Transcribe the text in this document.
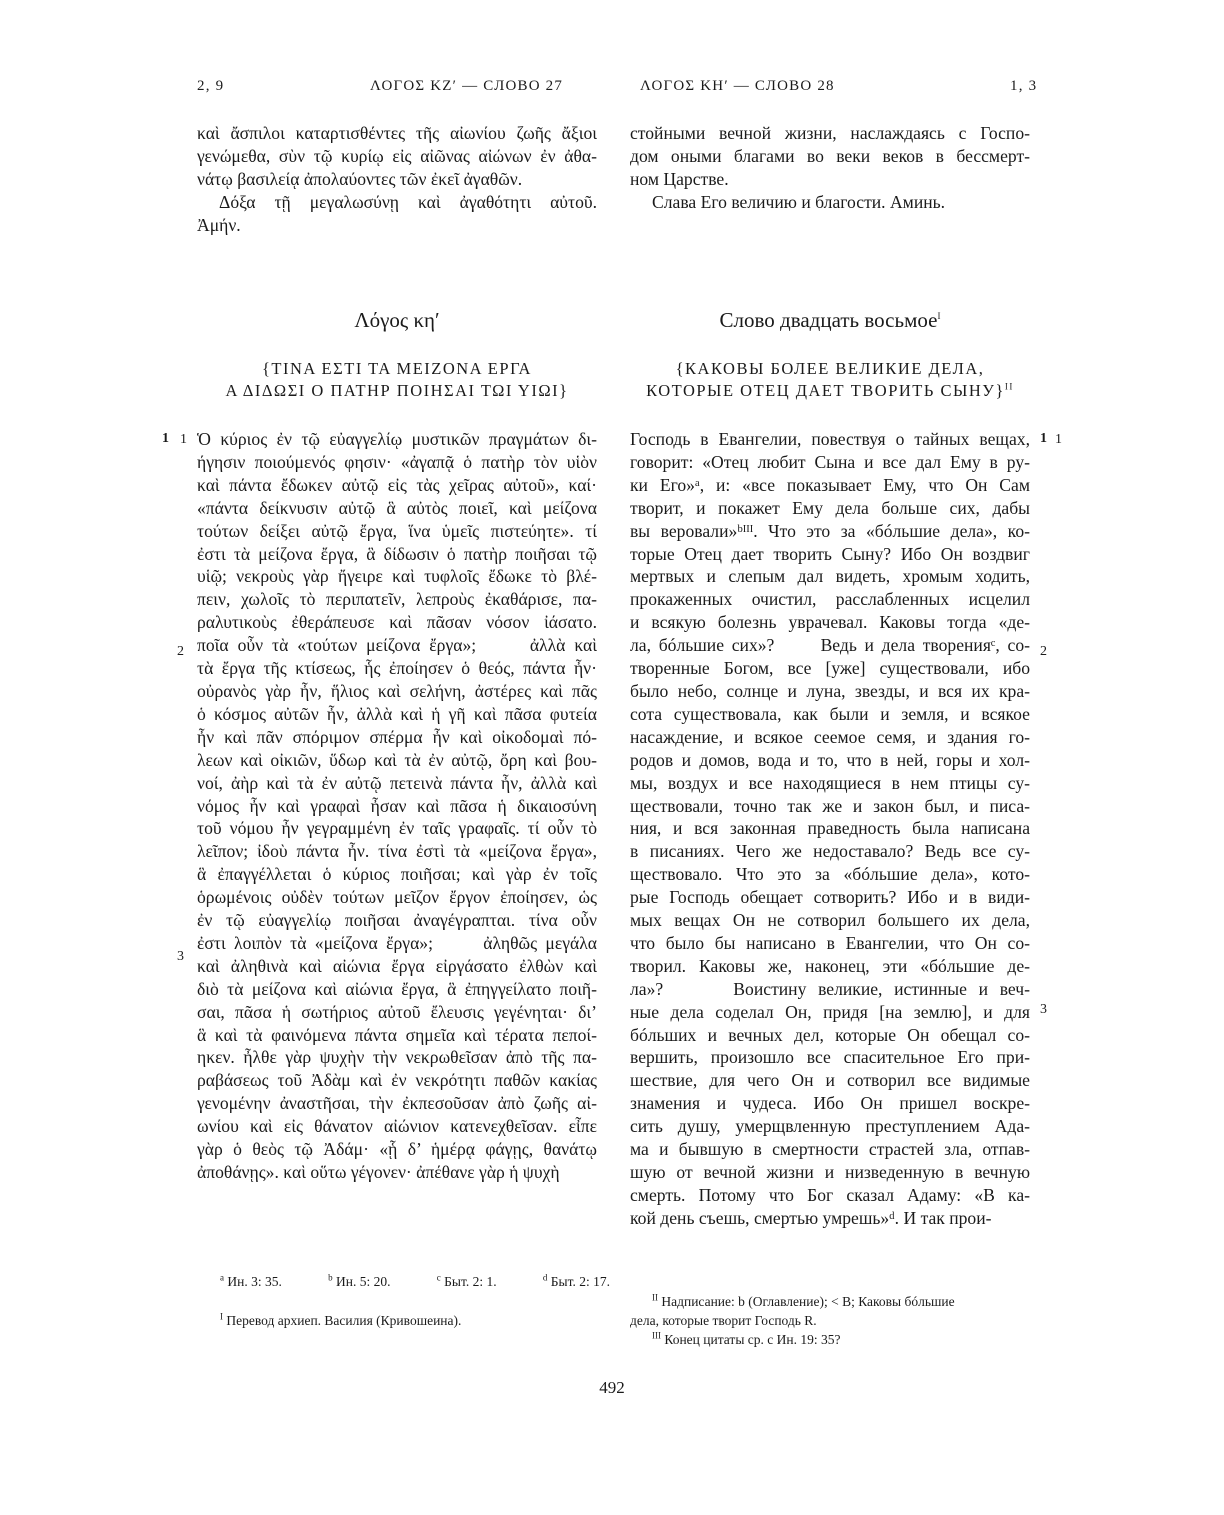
2, 9	ΛΟΓΟΣ ΚΖʹ — СЛОВО 27	ΛΟΓΟΣ ΚΗʹ — СЛОВО 28	1, 3
καὶ ἄσπιλοι καταρτισθέντες τῆς αἰωνίου ζωῆς ἄξιοι
γενώμεθα, σὺν τῷ κυρίῳ εἰς αἰῶνας αἰώνων ἐν ἀθα-
νάτῳ βασιλείᾳ ἀπολαύοντες τῶν ἐκεῖ ἀγαθῶν.
Δόξα τῇ μεγαλωσύνῃ καὶ ἀγαθότητι αὐτοῦ.
Ἀμήν.
стойными вечной жизни, наслаждаясь с Госпо-
дом оными благами во веки веков в бессмерт-
ном Царстве.
Слава Его величию и благости. Аминь.
Λόγος κηʹ	Слово двадцать восьмое$^I$
{ΤΙΝΑ ΕΣΤΙ ΤΑ ΜΕΙΖΟΝΑ ΕΡΓΑ
Α ΔΙΔΩΣΙ Ο ΠΑΤΗΡ ΠΟΙΗΣΑΙ ΤΩΙ ΥΙΩΙ}
{КАКОВЫ БОЛЕЕ ВЕЛИКИЕ ДЕЛА,
КОТОРЫЕ ОТЕЦ ДАЕТ ТВОРИТЬ СЫНУ}$^{II}$
1 1
2
3
1 1
2
3
Ὁ κύριος ἐν τῷ εὐαγγελίῳ μυστικῶν πραγμάτων δι-
ήγησιν ποιούμενός φησιν· «ἀγαπᾷ ὁ πατὴρ τὸν υἱὸν
καὶ πάντα ἔδωκεν αὐτῷ εἰς τὰς χεῖρας αὐτοῦ», καί·
«πάντα δείκνυσιν αὐτῷ ἃ αὐτὸς ποιεῖ, καὶ μείζονα
τούτων δείξει αὐτῷ ἔργα, ἵνα ὑμεῖς πιστεύητε». τί
ἐστι τὰ μείζονα ἔργα, ἃ δίδωσιν ὁ πατὴρ ποιῆσαι τῷ
υἱῷ; νεκροὺς γὰρ ἤγειρε καὶ τυφλοῖς ἔδωκε τὸ βλέ-
πειν, χωλοῖς τὸ περιπατεῖν, λεπροὺς ἐκαθάρισε, πα-
ραλυτικοὺς ἐθεράπευσε καὶ πᾶσαν νόσον ἰάσατο.
ποῖα οὖν τὰ «τούτων μείζονα ἔργα»;      ἀλλὰ καὶ
τὰ ἔργα τῆς κτίσεως, ἧς ἐποίησεν ὁ θεός, πάντα ἦν·
οὐρανὸς γὰρ ἦν, ἥλιος καὶ σελήνη, ἀστέρες καὶ πᾶς
ὁ κόσμος αὐτῶν ἦν, ἀλλὰ καὶ ἡ γῆ καὶ πᾶσα φυτεία
ἦν καὶ πᾶν σπόριμον σπέρμα ἦν καὶ οἰκοδομαὶ πό-
λεων καὶ οἰκιῶν, ὕδωρ καὶ τὰ ἐν αὐτῷ, ὄρη καὶ βου-
νοί, ἀὴρ καὶ τὰ ἐν αὐτῷ πετεινὰ πάντα ἦν, ἀλλὰ καὶ
νόμος ἦν καὶ γραφαὶ ἦσαν καὶ πᾶσα ἡ δικαιοσύνη
τοῦ νόμου ἦν γεγραμμένη ἐν ταῖς γραφαῖς. τί οὖν τὸ
λεῖπον; ἰδοὺ πάντα ἦν. τίνα ἐστὶ τὰ «μείζονα ἔργα»,
ἃ ἐπαγγέλλεται ὁ κύριος ποιῆσαι; καὶ γὰρ ἐν τοῖς
ὁρωμένοις οὐδὲν τούτων μεῖζον ἔργον ἐποίησεν, ὡς
ἐν τῷ εὐαγγελίῳ ποιῆσαι ἀναγέγραπται. τίνα οὖν
ἐστι λοιπὸν τὰ «μείζονα ἔργα»;      ἀληθῶς μεγάλα
καὶ ἀληθινὰ καὶ αἰώνια ἔργα εἰργάσατο ἐλθὼν καὶ
διὸ τὰ μείζονα καὶ αἰώνια ἔργα, ἃ ἐπηγγείλατο ποιῆ-
σαι, πᾶσα ἡ σωτήριος αὐτοῦ ἔλευσις γεγένηται· δι’
ἃ καὶ τὰ φαινόμενα πάντα σημεῖα καὶ τέρατα πεποί-
ηκεν. ἦλθε γὰρ ψυχὴν τὴν νεκρωθεῖσαν ἀπὸ τῆς πα-
ραβάσεως τοῦ Ἀδὰμ καὶ ἐν νεκρότητι παθῶν κακίας
γενομένην ἀναστῆσαι, τὴν ἐκπεσοῦσαν ἀπὸ ζωῆς αἰ-
ωνίου καὶ εἰς θάνατον αἰώνιον κατενεχθεῖσαν. εἶπε
γὰρ ὁ θεὸς τῷ Ἀδάμ· «ᾗ δ’ ἡμέρᾳ φάγῃς, θανάτῳ
ἀποθάνῃς». καὶ οὕτω γέγονεν· ἀπέθανε γὰρ ἡ ψυχὴ
Господь в Евангелии, повествуя о тайных вещах,
говорит: «Отец любит Сына и все дал Ему в ру-
ки Его»ᵃ, и: «все показывает Ему, что Он Сам
творит, и покажет Ему дела больше сих, дабы
вы веровали»ᵇᴵᴵᴵ. Что это за «бóльшие дела», ко-
торые Отец дает творить Сыну? Ибо Он воздвиг
мертвых и слепым дал видеть, хромым ходить,
прокаженных очистил, расслабленных исцелил
и всякую болезнь уврачевал. Каковы тогда «де-
ла, бóльшие сих»?      Ведь и дела творенияᶜ, со-
творенные Богом, все [уже] существовали, ибо
было небо, солнце и луна, звезды, и вся их кра-
сота существовала, как были и земля, и всякое
насаждение, и всякое сеемое семя, и здания го-
родов и домов, вода и то, что в ней, горы и хол-
мы, воздух и все находящиеся в нем птицы су-
ществовали, точно так же и закон был, и писа-
ния, и вся законная праведность была написана
в писаниях. Чего же недоставало? Ведь все су-
ществовало. Что это за «бóльшие дела», кото-
рые Господь обещает сотворить? Ибо и в види-
мых вещах Он не сотворил большего их дела,
что было бы написано в Евангелии, что Он со-
творил. Каковы же, наконец, эти «бóльшие де-
ла»?      Воистину великие, истинные и веч-
ные дела соделал Он, придя [на землю], и для
бóльших и вечных дел, которые Он обещал со-
вершить, произошло все спасительное Его при-
шествие, для чего Он и сотворил все видимые
знамения и чудеса. Ибо Он пришел воскре-
сить душу, умерщвленную преступлением Ада-
ма и бывшую в смертности страстей зла, отпав-
шую от вечной жизни и низведенную в вечную
смерть. Потому что Бог сказал Адаму: «В ка-
кой день съешь, смертью умрешь»ᵈ. И так прои-
$^a$ Ин. 3: 35.	$^b$ Ин. 5: 20.	$^c$ Быт. 2: 1.	$^d$ Быт. 2: 17.
$^I$ Перевод архиеп. Василия (Кривошеина).
$^{II}$ Надписание: b (Оглавление); < B; Каковы бóльшие
дела, которые творит Господь R.
$^{III}$ Конец цитаты ср. с Ин. 19: 35?
492
